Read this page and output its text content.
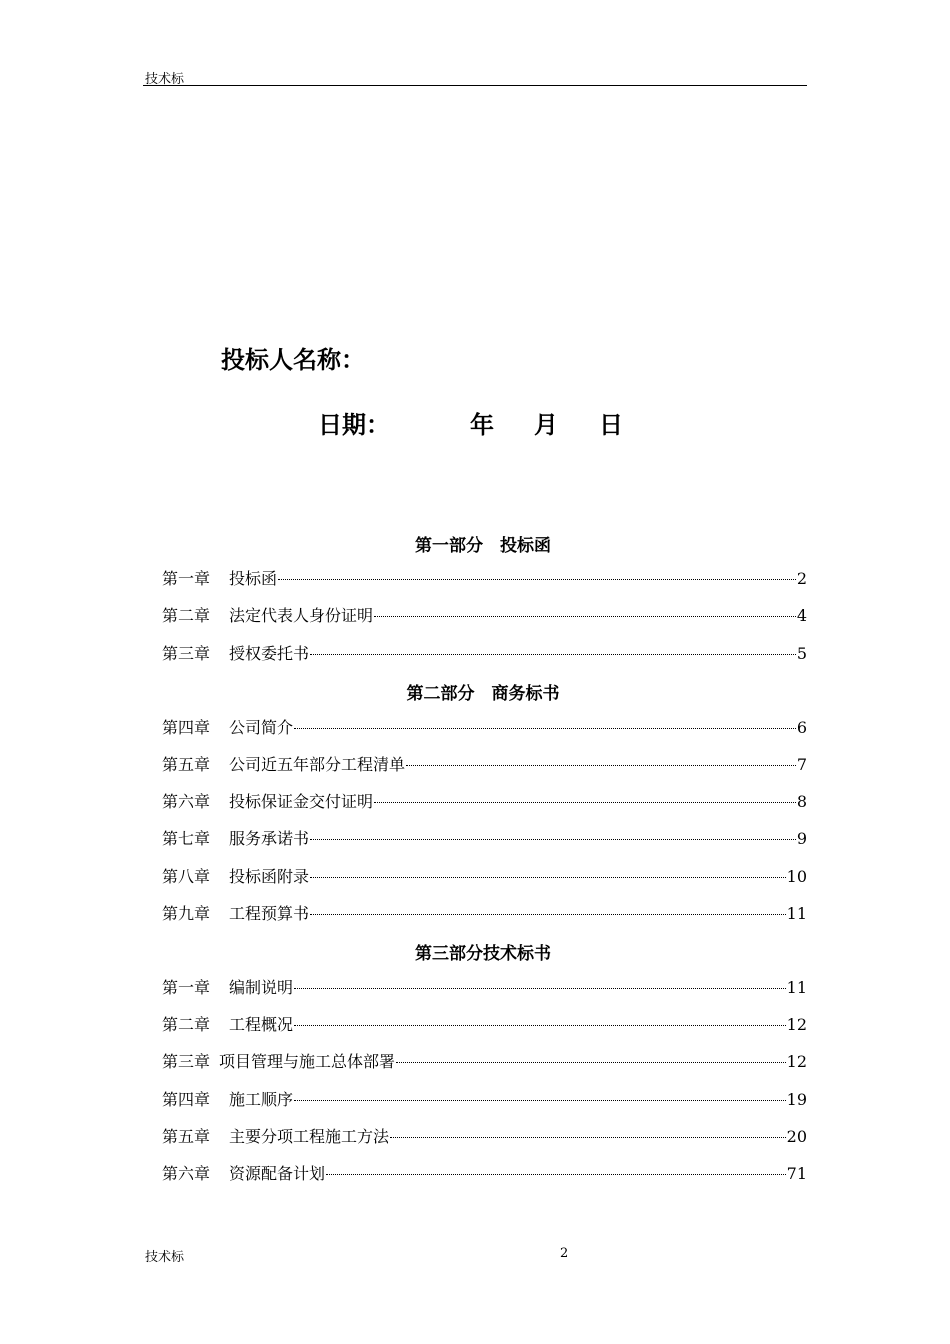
技术标
投标人名称：
日期：	年 月 日
第一部分　投标函
第一章 投标函	2
第二章 法定代表人身份证明	4
第三章 授权委托书	5
第二部分　商务标书
第四章 公司简介	6
第五章 公司近五年部分工程清单	7
第六章 投标保证金交付证明	8
第七章 服务承诺书	9
第八章 投标函附录	10
第九章 工程预算书	11
第三部分技术标书
第一章 编制说明	11
第二章 工程概况	12
第三章 项目管理与施工总体部署	12
第四章 施工顺序	19
第五章 主要分项工程施工方法	20
第六章 资源配备计划	71
技术标	2
